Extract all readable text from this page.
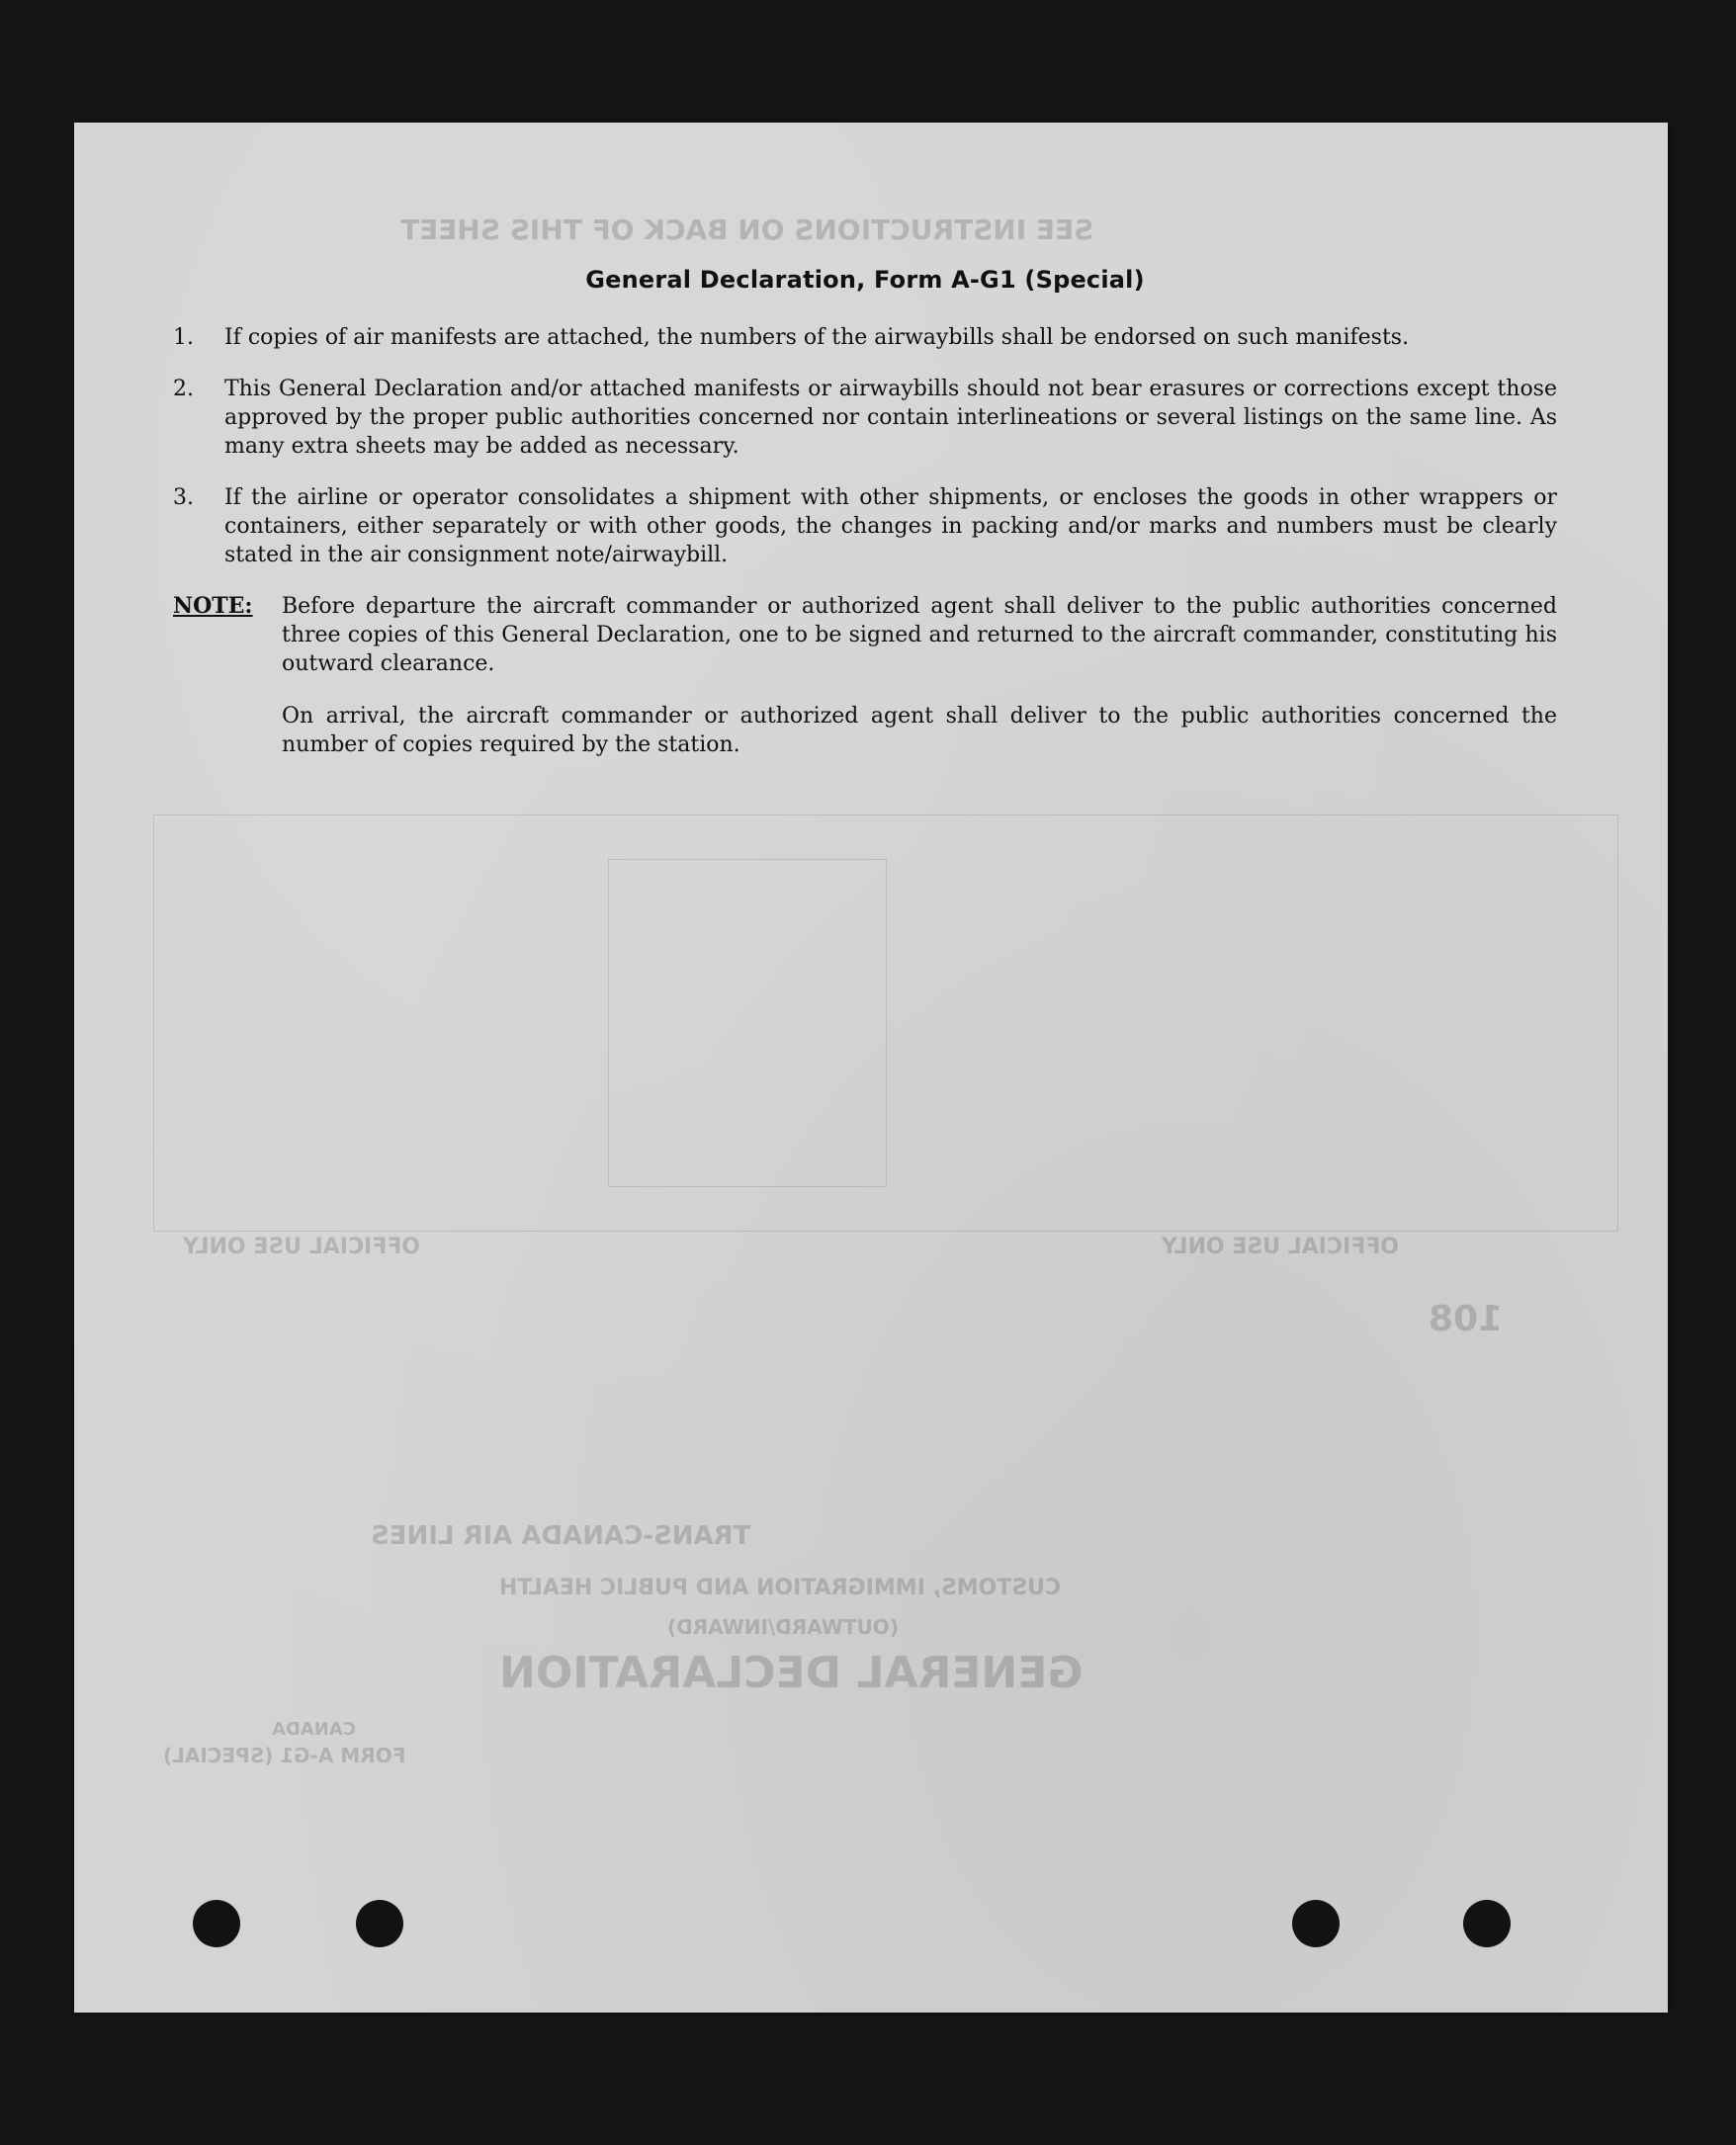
SEE INSTRUCTIONS ON BACK OF THIS SHEET
108
OFFICIAL USE ONLY	OFFICIAL USE ONLY
TRANS-CANADA AIR LINES
CUSTOMS, IMMIGRATION AND PUBLIC HEALTH
(OUTWARD/INWARD)
GENERAL DECLARATION
FORM A-G1 (SPECIAL)
CANADA
General Declaration, Form A-G1 (Special)
1.	If copies of air manifests are attached, the numbers of the airwaybills shall be endorsed on such manifests.
2.	This General Declaration and/or attached manifests or airwaybills should not bear erasures or corrections except those approved by the proper public authorities concerned nor contain interlineations or several listings on the same line. As many extra sheets may be added as necessary.
3.	If the airline or operator consolidates a shipment with other shipments, or encloses the goods in other wrappers or containers, either separately or with other goods, the changes in packing and/or marks and numbers must be clearly stated in the air consignment note/airwaybill.
NOTE:	Before departure the aircraft commander or authorized agent shall deliver to the public authorities concerned three copies of this General Declaration, one to be signed and returned to the aircraft commander, constituting his outward clearance.
On arrival, the aircraft commander or authorized agent shall deliver to the public authorities concerned the number of copies required by the station.
